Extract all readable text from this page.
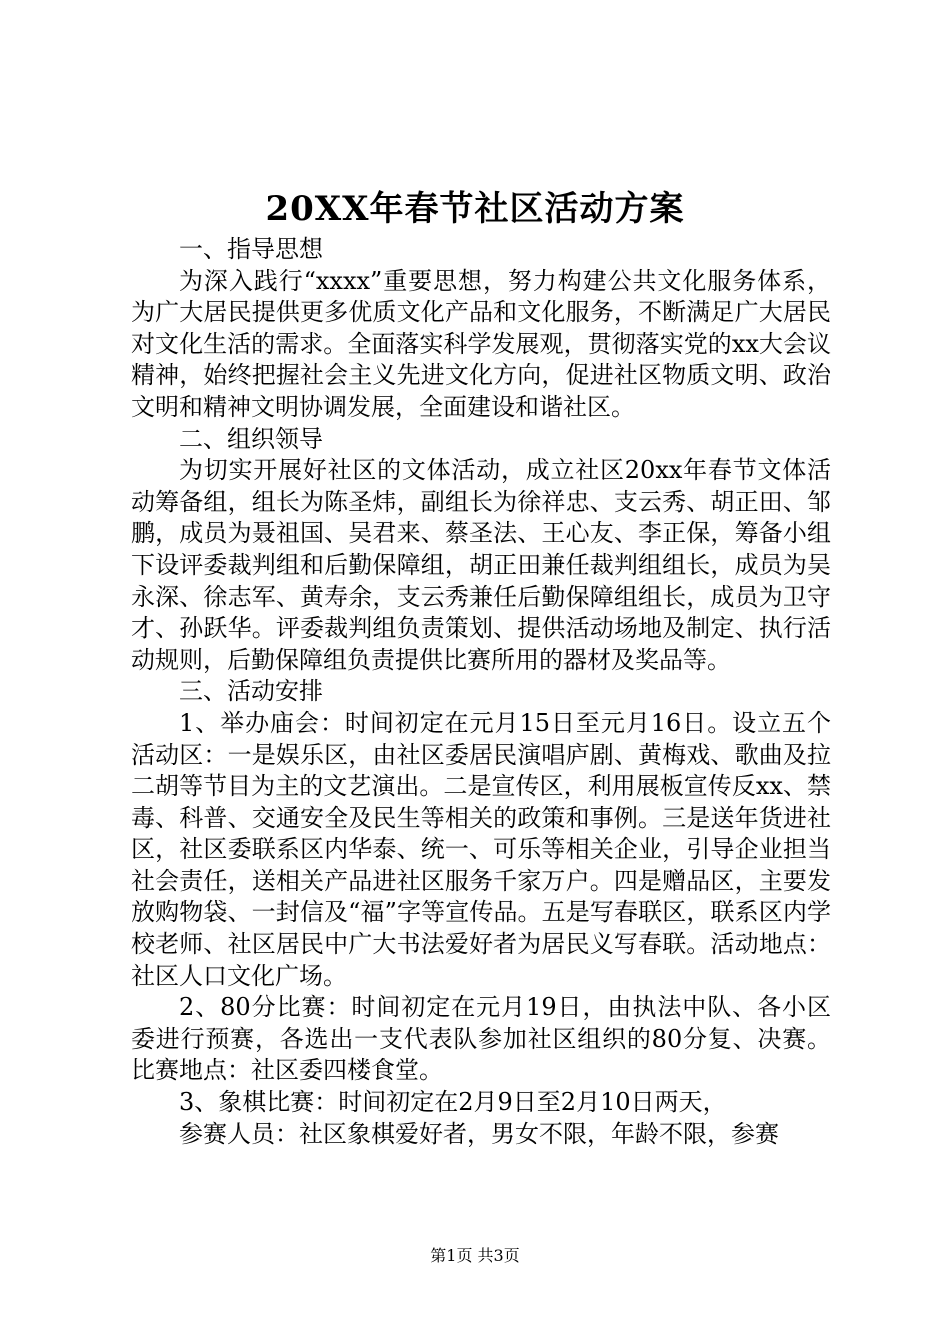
20XX年春节社区活动方案

一、指导思想

为深入践行“xxxx”重要思想，努力构建公共文化服务体系，为广大居民提供更多优质文化产品和文化服务，不断满足广大居民对文化生活的需求。全面落实科学发展观，贯彻落实党的xx大会议精神，始终把握社会主义先进文化方向，促进社区物质文明、政治文明和精神文明协调发展，全面建设和谐社区。

二、组织领导

为切实开展好社区的文体活动，成立社区20xx年春节文体活动筹备组，组长为陈圣炜，副组长为徐祥忠、支云秀、胡正田、邹鹏，成员为聂祖国、吴君来、蔡圣法、王心友、李正保，筹备小组下设评委裁判组和后勤保障组，胡正田兼任裁判组组长，成员为吴永深、徐志军、黄寿余，支云秀兼任后勤保障组组长，成员为卫守才、孙跃华。评委裁判组负责策划、提供活动场地及制定、执行活动规则，后勤保障组负责提供比赛所用的器材及奖品等。

三、活动安排

1、举办庙会：时间初定在元月15日至元月16日。设立五个活动区：一是娱乐区，由社区委居民演唱庐剧、黄梅戏、歌曲及拉二胡等节目为主的文艺演出。二是宣传区，利用展板宣传反xx、禁毒、科普、交通安全及民生等相关的政策和事例。三是送年货进社区，社区委联系区内华泰、统一、可乐等相关企业，引导企业担当社会责任，送相关产品进社区服务千家万户。四是赠品区，主要发放购物袋、一封信及“福”字等宣传品。五是写春联区，联系区内学校老师、社区居民中广大书法爱好者为居民义写春联。活动地点：社区人口文化广场。

2、80分比赛：时间初定在元月19日，由执法中队、各小区委进行预赛，各选出一支代表队参加社区组织的80分复、决赛。比赛地点：社区委四楼食堂。

3、象棋比赛：时间初定在2月9日至2月10日两天，

参赛人员：社区象棋爱好者，男女不限，年龄不限，参赛

第1页 共3页
